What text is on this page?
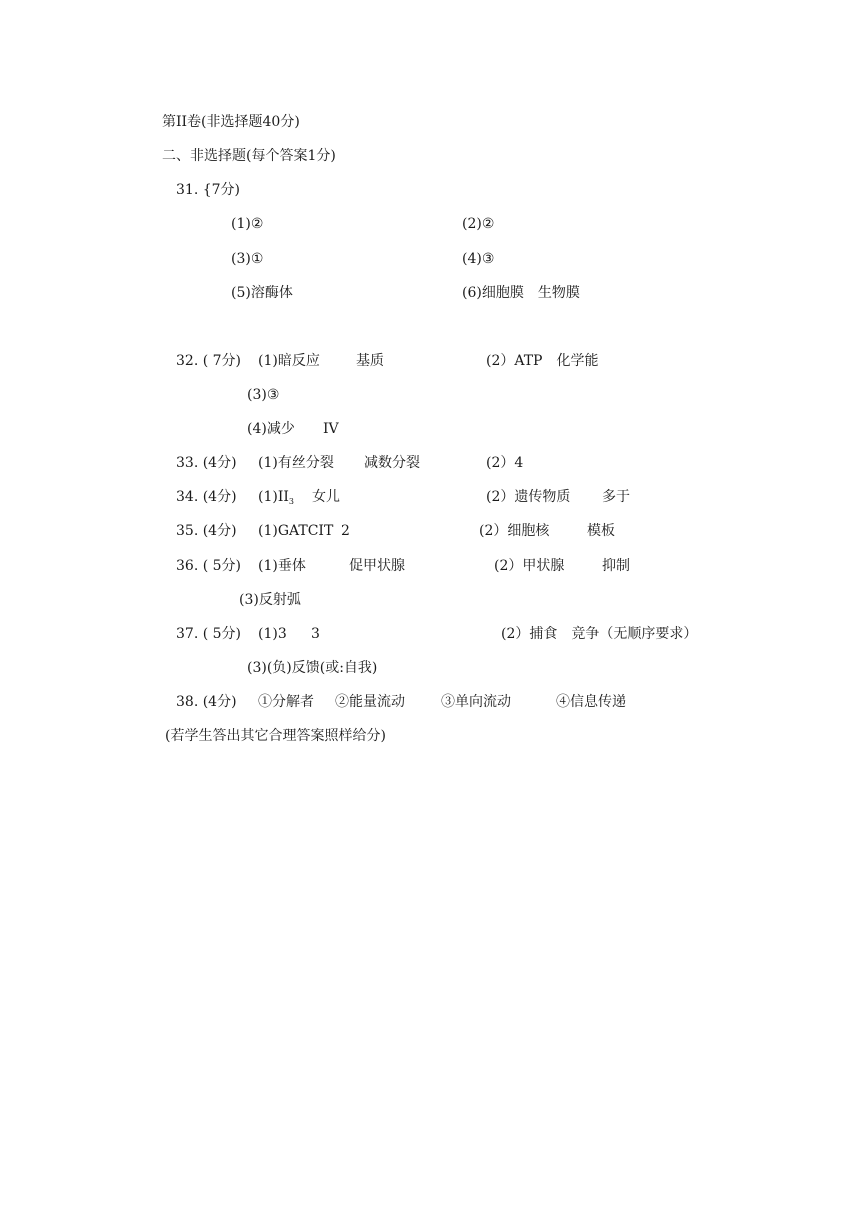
第II卷(非选择题40分)
二、非选择题(每个答案1分)
31. {7分)
(1)②	(2)②
(3)①	(4)③
(5)溶酶体	(6)细胞膜　生物膜
32. ( 7分) (1)暗反应	基质	(2）ATP　化学能
(3)③
(4)减少 IV
33. (4分) (1)有丝分裂 减数分裂	(2）4
34. (4分) $(1)II_3$ 女儿	(2）遗传物质 多于
35. (4分) (1)GATCIT 2	(2）细胞核	模板
36. ( 5分) (1)垂体	促甲状腺	(2）甲状腺	抑制
(3)反射弧
37. ( 5分) (1)3 3	(2）捕食　竞争（无顺序要求）
(3)(负)反馈(或:自我)
38. (4分) ①分解者 ②能量流动	③单向流动	④信息传递
(若学生答出其它合理答案照样给分)
